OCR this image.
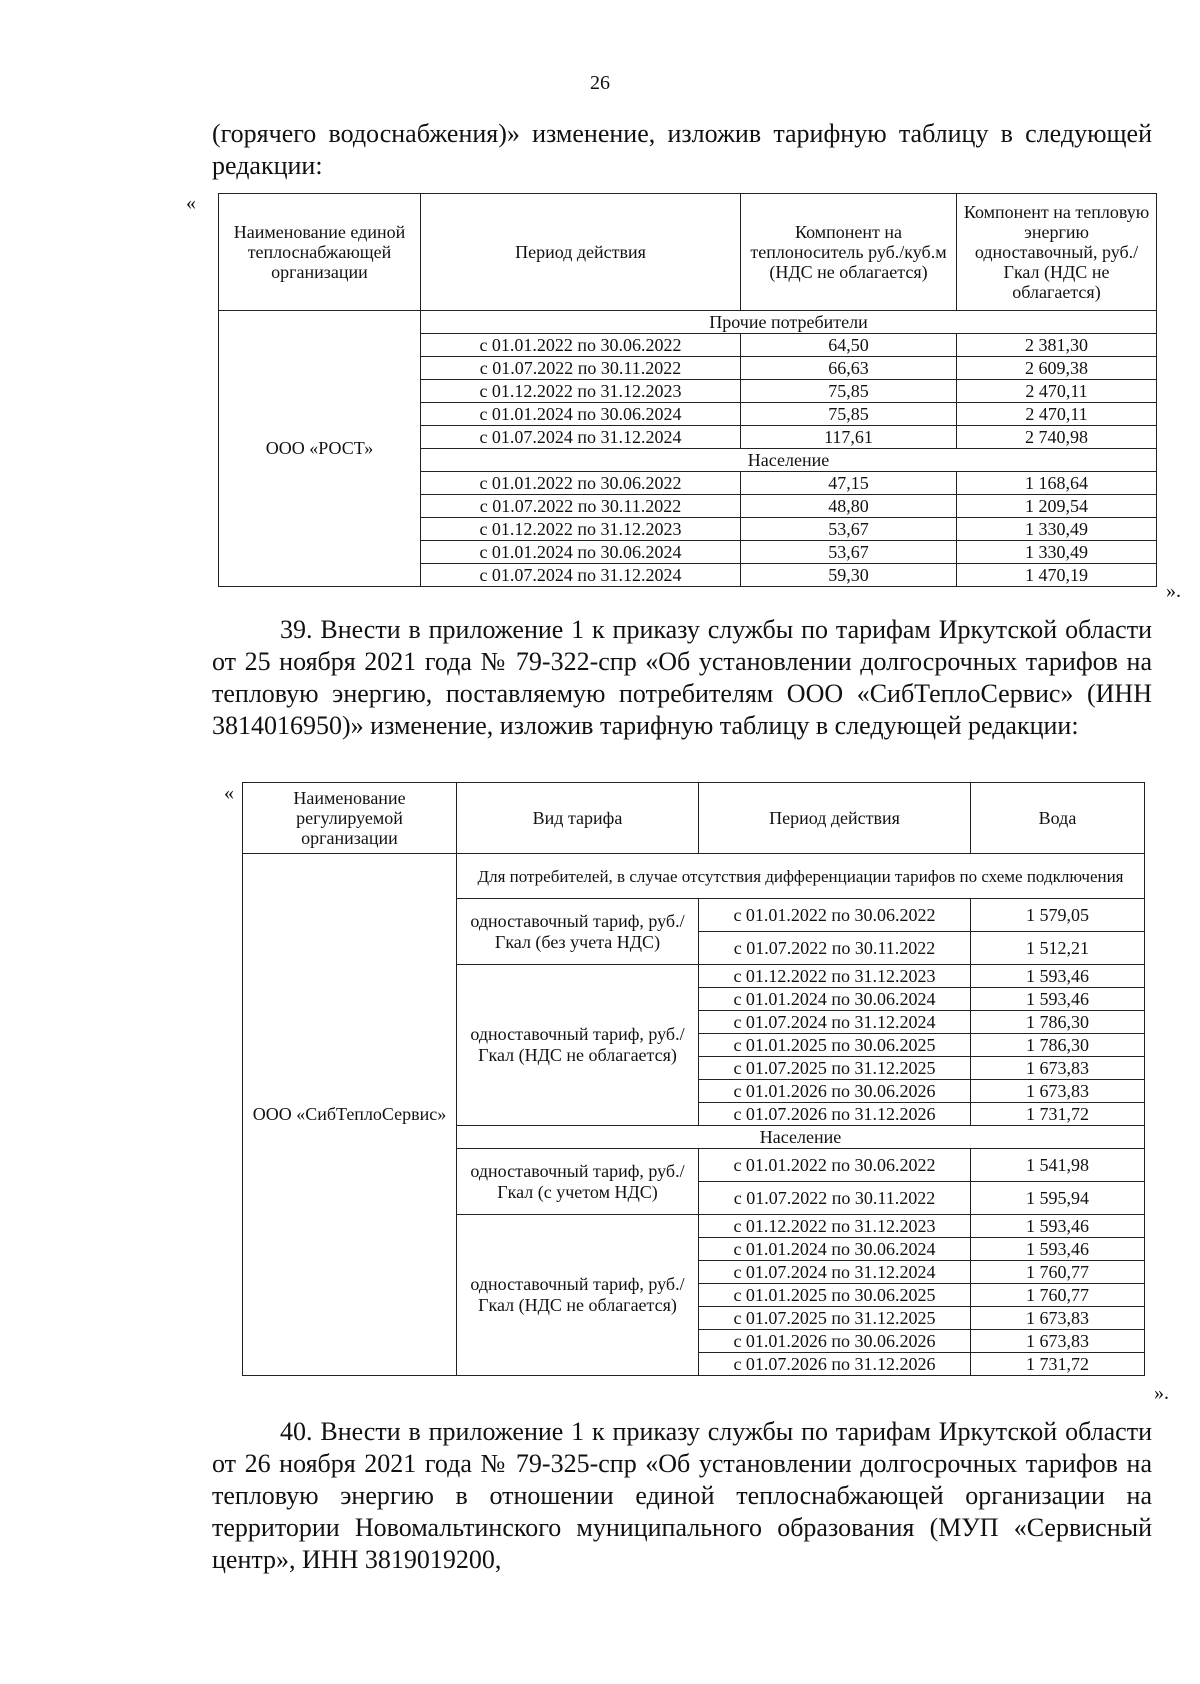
26
(горячего водоснабжения)» изменение, изложив тарифную таблицу в следующей редакции:
«
Наименование единой теплоснабжающей организации	Период действия	Компонент на теплоноситель руб./куб.м (НДС не облагается)	Компонент на тепловую энергию одноставочный, руб./Гкал (НДС не облагается)
ООО «РОСТ»	Прочие потребители		
	с 01.01.2022 по 30.06.2022	64,50	2 381,30
	с 01.07.2022 по 30.11.2022	66,63	2 609,38
	с 01.12.2022 по 31.12.2023	75,85	2 470,11
	с 01.01.2024 по 30.06.2024	75,85	2 470,11
	с 01.07.2024 по 31.12.2024	117,61	2 740,98
	Население		
	с 01.01.2022 по 30.06.2022	47,15	1 168,64
	с 01.07.2022 по 30.11.2022	48,80	1 209,54
	с 01.12.2022 по 31.12.2023	53,67	1 330,49
	с 01.01.2024 по 30.06.2024	53,67	1 330,49
	с 01.07.2024 по 31.12.2024	59,30	1 470,19
».
39. Внести в приложение 1 к приказу службы по тарифам Иркутской области от 25 ноября 2021 года № 79-322-спр «Об установлении долгосрочных тарифов на тепловую энергию, поставляемую потребителям ООО «СибТеплоСервис» (ИНН 3814016950)» изменение, изложив тарифную таблицу в следующей редакции:
«	Наименование регулируемой организации	Вид тарифа	Период действия	Вода
ООО «СибТеплоСервис»	Для потребителей, в случае отсутствия дифференциации тарифов по схеме подключения		
	одноставочный тариф, руб./Гкал (без учета НДС)	с 01.01.2022 по 30.06.2022	1 579,05
		с 01.07.2022 по 30.11.2022	1 512,21
	одноставочный тариф, руб./Гкал (НДС не облагается)	с 01.12.2022 по 31.12.2023	1 593,46
		с 01.01.2024 по 30.06.2024	1 593,46
		с 01.07.2024 по 31.12.2024	1 786,30
		с 01.01.2025 по 30.06.2025	1 786,30
		с 01.07.2025 по 31.12.2025	1 673,83
		с 01.01.2026 по 30.06.2026	1 673,83
		с 01.07.2026 по 31.12.2026	1 731,72
	Население		
	одноставочный тариф, руб./Гкал (с учетом НДС)	с 01.01.2022 по 30.06.2022	1 541,98
		с 01.07.2022 по 30.11.2022	1 595,94
	одноставочный тариф, руб./Гкал (НДС не облагается)	с 01.12.2022 по 31.12.2023	1 593,46
		с 01.01.2024 по 30.06.2024	1 593,46
		с 01.07.2024 по 31.12.2024	1 760,77
		с 01.01.2025 по 30.06.2025	1 760,77
		с 01.07.2025 по 31.12.2025	1 673,83
		с 01.01.2026 по 30.06.2026	1 673,83
		с 01.07.2026 по 31.12.2026	1 731,72
».
40. Внести в приложение 1 к приказу службы по тарифам Иркутской области от 26 ноября 2021 года № 79-325-спр «Об установлении долгосрочных тарифов на тепловую энергию в отношении единой теплоснабжающей организации на территории Новомальтинского муниципального образования (МУП «Сервисный центр», ИНН 3819019200,
